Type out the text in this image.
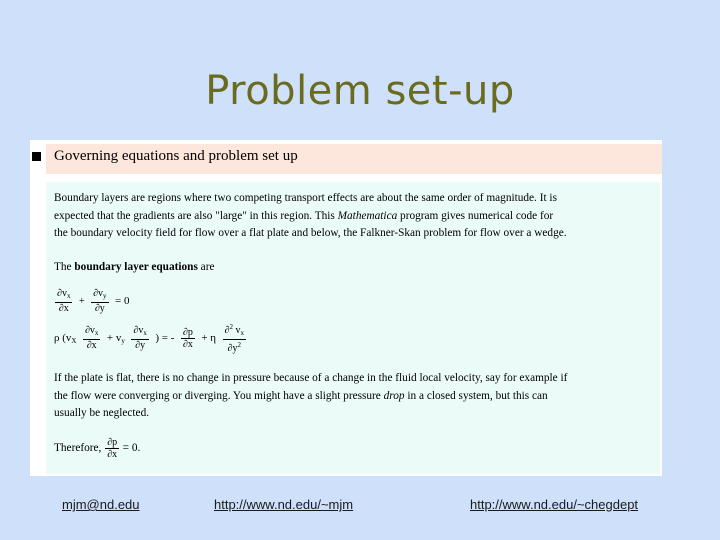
Problem set-up
Governing equations and problem set up
Boundary layers are regions where two competing transport effects are about the same order of magnitude. It is
expected that the gradients are also "large" in this region. This Mathematica program gives numerical code for
the boundary velocity field for flow over a flat plate and below, the Falkner-Skan problem for flow over a wedge.
The boundary layer equations are
$\frac{\partial v_x}{\partial x} + \frac{\partial v_y}{\partial y} = 0$
ρ ($v_X \frac{\partial v_x}{\partial x} + v_y \frac{\partial v_x}{\partial y}$ ) = - $\frac{\partial p}{\partial x} + \eta \frac{\partial^2 v_x}{\partial y^2}$
If the plate is flat, there is no change in pressure because of a change in the fluid local velocity, say for example if
the flow were converging or diverging. You might have a slight pressure drop in a closed system, but this can
usually be neglected.
Therefore, $\frac{\partial p}{\partial x} = 0$.
mjm@nd.edu	http://www.nd.edu/~mjm	http://www.nd.edu/~chegdept
